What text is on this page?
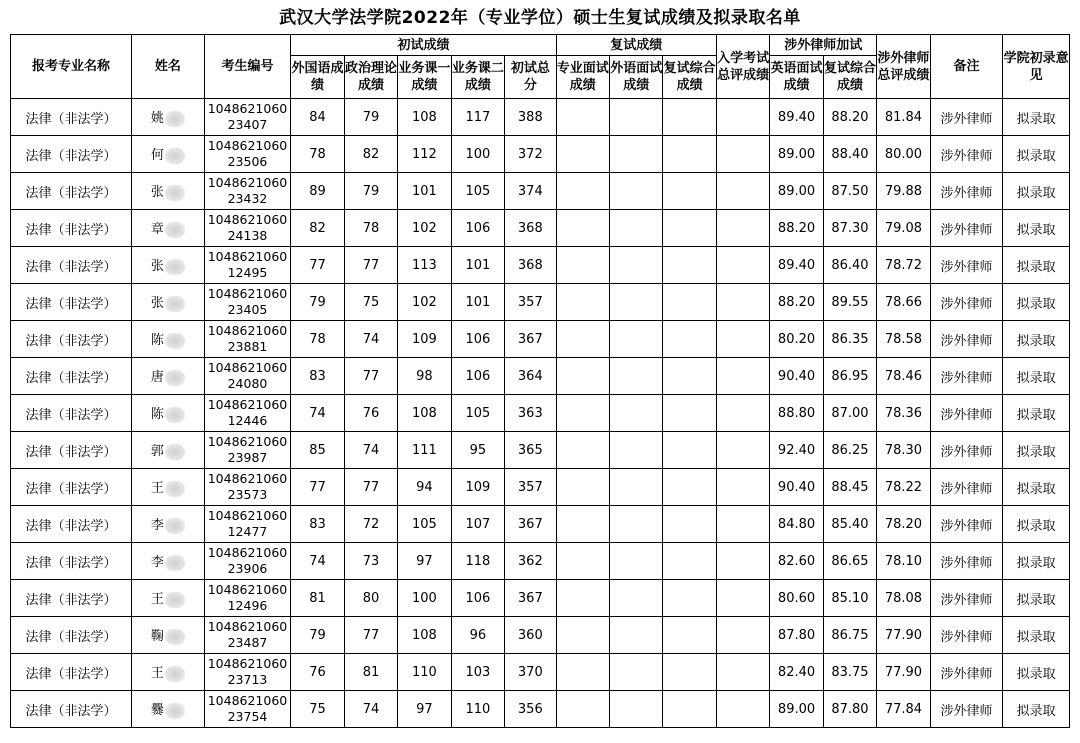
武汉大学法学院2022年（专业学位）硕士生复试成绩及拟录取名单
报考专业名称	姓名	考生编号	初试成绩					复试成绩			入学考试总评成绩	涉外律师加试		涉外律师总评成绩	备注	学院初录意见
			外国语成绩	政治理论成绩	业务课一成绩	业务课二成绩	初试总分	专业面试成绩	外语面试成绩	复试综合成绩		英语面试成绩	复试综合成绩			
法律（非法学）	姚	104862106023407	84	79	108	117	388					89.40	88.20	81.84	涉外律师	拟录取
法律（非法学）	何	104862106023506	78	82	112	100	372					89.00	88.40	80.00	涉外律师	拟录取
法律（非法学）	张	104862106023432	89	79	101	105	374					89.00	87.50	79.88	涉外律师	拟录取
法律（非法学）	章	104862106024138	82	78	102	106	368					88.20	87.30	79.08	涉外律师	拟录取
法律（非法学）	张	104862106012495	77	77	113	101	368					89.40	86.40	78.72	涉外律师	拟录取
法律（非法学）	张	104862106023405	79	75	102	101	357					88.20	89.55	78.66	涉外律师	拟录取
法律（非法学）	陈	104862106023881	78	74	109	106	367					80.20	86.35	78.58	涉外律师	拟录取
法律（非法学）	唐	104862106024080	83	77	98	106	364					90.40	86.95	78.46	涉外律师	拟录取
法律（非法学）	陈	104862106012446	74	76	108	105	363					88.80	87.00	78.36	涉外律师	拟录取
法律（非法学）	郭	104862106023987	85	74	111	95	365					92.40	86.25	78.30	涉外律师	拟录取
法律（非法学）	王	104862106023573	77	77	94	109	357					90.40	88.45	78.22	涉外律师	拟录取
法律（非法学）	李	104862106012477	83	72	105	107	367					84.80	85.40	78.20	涉外律师	拟录取
法律（非法学）	李	104862106023906	74	73	97	118	362					82.60	86.65	78.10	涉外律师	拟录取
法律（非法学）	王	104862106012496	81	80	100	106	367					80.60	85.10	78.08	涉外律师	拟录取
法律（非法学）	鞠	104862106023487	79	77	108	96	360					87.80	86.75	77.90	涉外律师	拟录取
法律（非法学）	王	104862106023713	76	81	110	103	370					82.40	83.75	77.90	涉外律师	拟录取
法律（非法学）	爨	104862106023754	75	74	97	110	356					89.00	87.80	77.84	涉外律师	拟录取
